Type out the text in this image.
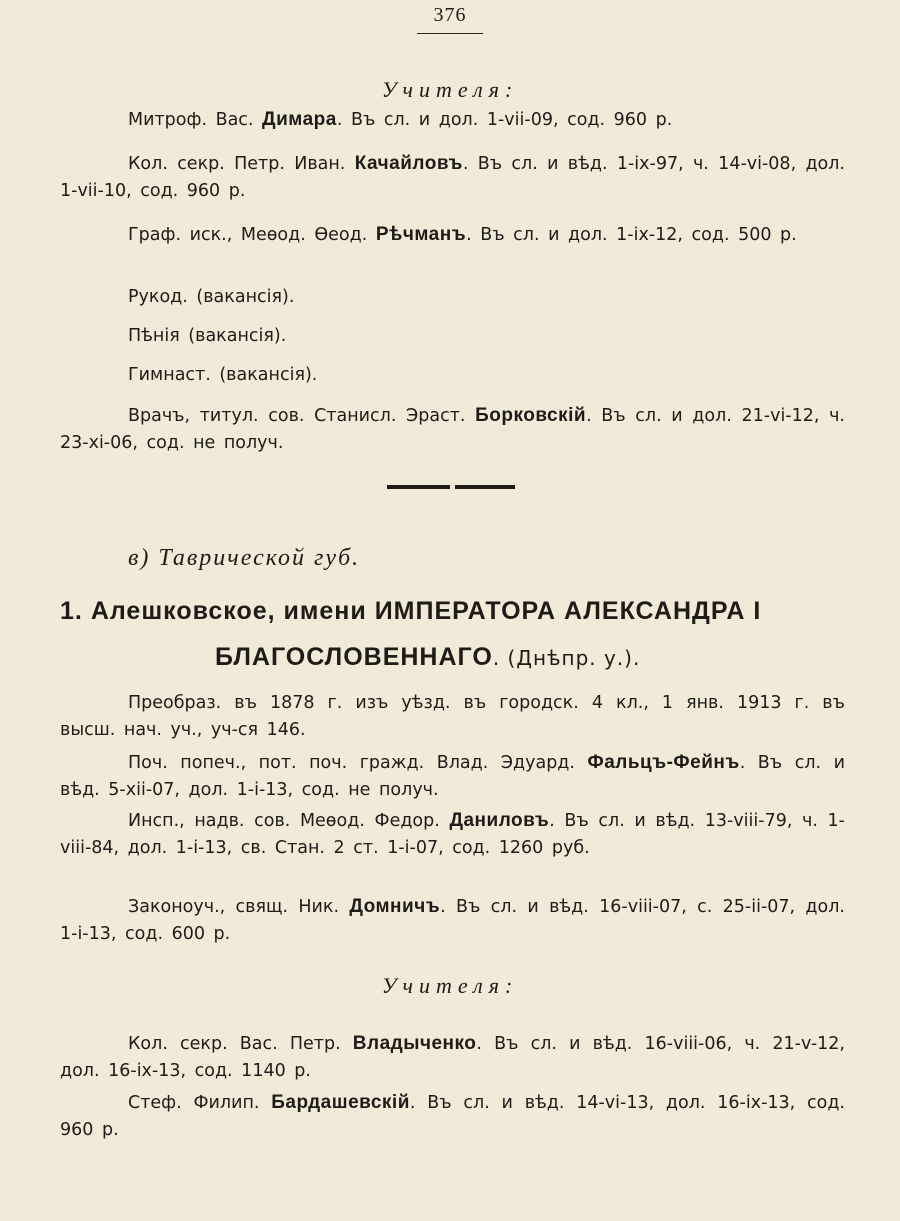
376
Учителя:

Митроф. Вас. Димара. Въ сл. и дол. 1-vii-09, сод. 960 р.

Кол. секр. Петр. Иван. Качайловъ. Въ сл. и вѣд. 1-ix-97, ч. 14-vi-08, дол. 1-vii-10, сод. 960 р.

Граф. иск., Меѳод. Ѳеод. Рѣчманъ. Въ сл. и дол. 1-ix-12, сод. 500 р.

Рукод. (вакансія).

Пѣнія (вакансія).

Гимнаст. (вакансія).

Врачъ, титул. сов. Станисл. Эраст. Борковскій. Въ сл. и дол. 21-vi-12, ч. 23-xi-06, сод. не получ.

в) Таврической губ.
1. Алешковское, имени ИМПЕРАТОРА АЛЕКСАНДРА I
БЛАГОСЛОВЕННАГО. (Днѣпр. у.).

Преобраз. въ 1878 г. изъ уѣзд. въ городск. 4 кл., 1 янв. 1913 г. въ высш. нач. уч., уч-ся 146.

Поч. попеч., пот. поч. гражд. Влад. Эдуард. Фальцъ-Фейнъ. Въ сл. и вѣд. 5-xii-07, дол. 1-i-13, сод. не получ.

Инсп., надв. сов. Меѳод. Федор. Даниловъ. Въ сл. и вѣд. 13-viii-79, ч. 1-viii-84, дол. 1-i-13, св. Стан. 2 ст. 1-i-07, сод. 1260 руб.

Законоуч., свящ. Ник. Домничъ. Въ сл. и вѣд. 16-viii-07, с. 25-ii-07, дол. 1-i-13, сод. 600 р.

Учителя:

Кол. секр. Вас. Петр. Владыченко. Въ сл. и вѣд. 16-viii-06, ч. 21-v-12, дол. 16-ix-13, сод. 1140 р.

Стеф. Филип. Бардашевскій. Въ сл. и вѣд. 14-vi-13, дол. 16-ix-13, сод. 960 р.
